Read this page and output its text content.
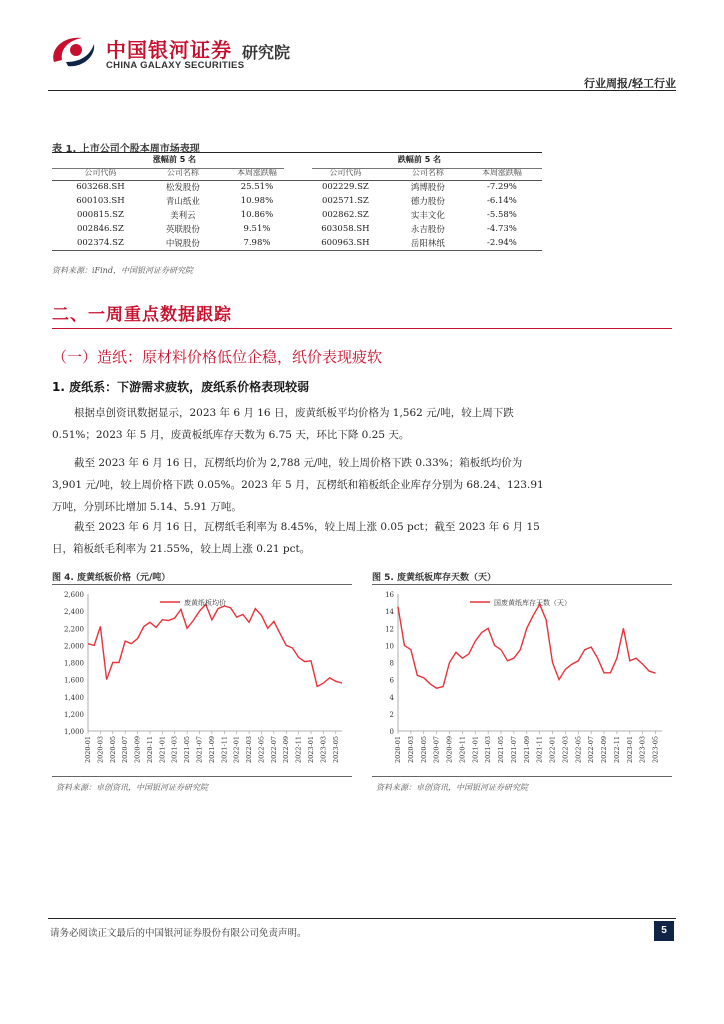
中国银河证券 研究院
CHINA GALAXY SECURITIES
行业周报/轻工行业
表 1. 上市公司个股本周市场表现
涨幅前 5 名			跌幅前 5 名		
公司代码	公司名称	本周涨跌幅	公司代码	公司名称	本周涨跌幅
603268.SH	松发股份	25.51%	002229.SZ	鸿博股份	-7.29%
600103.SH	青山纸业	10.98%	002571.SZ	德力股份	-6.14%
000815.SZ	美利云	10.86%	002862.SZ	实丰文化	-5.58%
002846.SZ	英联股份	9.51%	603058.SH	永吉股份	-4.73%
002374.SZ	中锐股份	7.98%	600963.SH	岳阳林纸	-2.94%
资料来源：iFind，中国银河证券研究院
二、一周重点数据跟踪
（一）造纸：原材料价格低位企稳，纸价表现疲软
1. 废纸系：下游需求疲软，废纸系价格表现较弱
根据卓创资讯数据显示，2023 年 6 月 16 日，废黄纸板平均价格为 1,562 元/吨，较上周下跌 0.51%；2023 年 5 月，废黄板纸库存天数为 6.75 天，环比下降 0.25 天。
截至 2023 年 6 月 16 日，瓦楞纸均价为 2,788 元/吨，较上周价格下跌 0.33%；箱板纸均价为 3,901 元/吨，较上周价格下跌 0.05%。2023 年 5 月，瓦楞纸和箱板纸企业库存分别为 68.24、123.91 万吨，分别环比增加 5.14、5.91 万吨。
截至 2023 年 6 月 16 日，瓦楞纸毛利率为 8.45%，较上周上涨 0.05 pct；截至 2023 年 6 月 15 日，箱板纸毛利率为 21.55%，较上周上涨 0.21 pct。
图 4. 废黄纸板价格（元/吨）
1,000
1,200
1,400
1,600
1,800
2,000
2,200
2,400
2,600
2020-01 2020-03 2020-05 2020-07 2020-09 2020-11 2021-01 2021-03 2021-05 2021-07 2021-09 2021-11 2022-01 2022-03 2022-05 2022-07 2022-09 2022-11 2023-01 2023-03 2023-05
废黄纸板均价
资料来源：卓创资讯，中国银河证券研究院
图 5. 废黄纸板库存天数（天）
0
2
4
6
8
10
12
14
16
2020-01 2020-03 2020-05 2020-07 2020-09 2020-11 2021-01 2021-03 2021-05 2021-07 2021-09 2021-11 2022-01 2022-03 2022-05 2022-07 2022-09 2022-11 2023-01 2023-03 2023-05
国废黄纸库存天数（天）
资料来源：卓创资讯，中国银河证券研究院
请务必阅读正文最后的中国银河证券股份有限公司免责声明。	5
